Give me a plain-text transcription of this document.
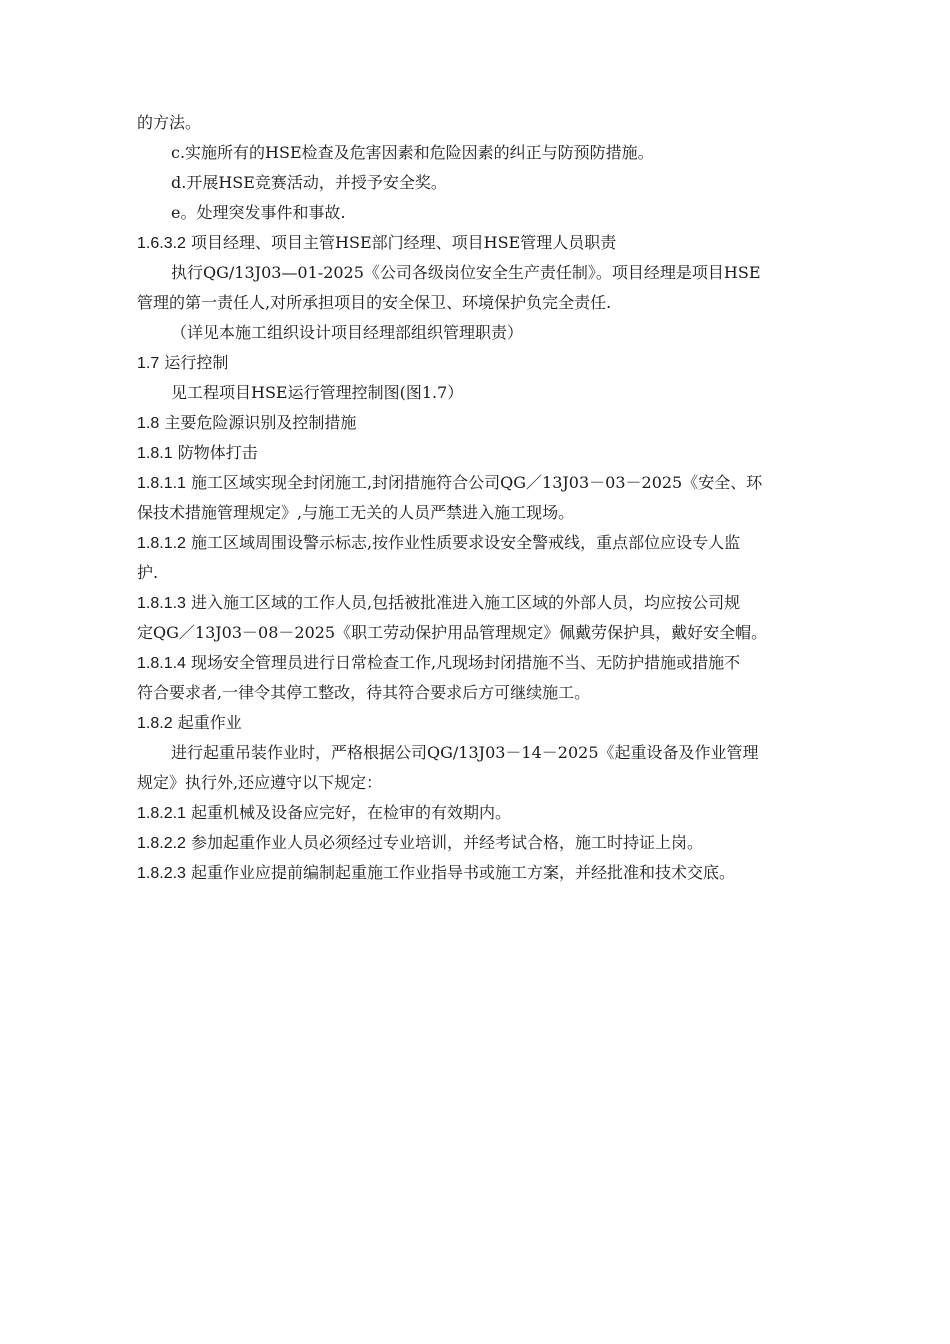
的方法。
c.实施所有的HSE检查及危害因素和危险因素的纠正与防预防措施。
d.开展HSE竞赛活动，并授予安全奖。
e。处理突发事件和事故.
1.6.3.2 项目经理、项目主管HSE部门经理、项目HSE管理人员职责
执行QG/13J03—01-2025《公司各级岗位安全生产责任制》。项目经理是项目HSE
管理的第一责任人,对所承担项目的安全保卫、环境保护负完全责任.
（详见本施工组织设计项目经理部组织管理职责）
1.7 运行控制
见工程项目HSE运行管理控制图(图1.7）
1.8 主要危险源识别及控制措施
1.8.1 防物体打击
1.8.1.1 施工区域实现全封闭施工,封闭措施符合公司QG／13J03－03－2025《安全、环
保技术措施管理规定》,与施工无关的人员严禁进入施工现场。
1.8.1.2 施工区域周围设警示标志,按作业性质要求设安全警戒线，重点部位应设专人监
护.
1.8.1.3 进入施工区域的工作人员,包括被批准进入施工区域的外部人员，均应按公司规
定QG／13J03－08－2025《职工劳动保护用品管理规定》佩戴劳保护具，戴好安全帽。
1.8.1.4 现场安全管理员进行日常检查工作,凡现场封闭措施不当、无防护措施或措施不
符合要求者,一律令其停工整改，待其符合要求后方可继续施工。
1.8.2 起重作业
进行起重吊装作业时，严格根据公司QG/13J03－14－2025《起重设备及作业管理
规定》执行外,还应遵守以下规定：
1.8.2.1 起重机械及设备应完好，在检审的有效期内。
1.8.2.2 参加起重作业人员必须经过专业培训，并经考试合格，施工时持证上岗。
1.8.2.3 起重作业应提前编制起重施工作业指导书或施工方案，并经批准和技术交底。
